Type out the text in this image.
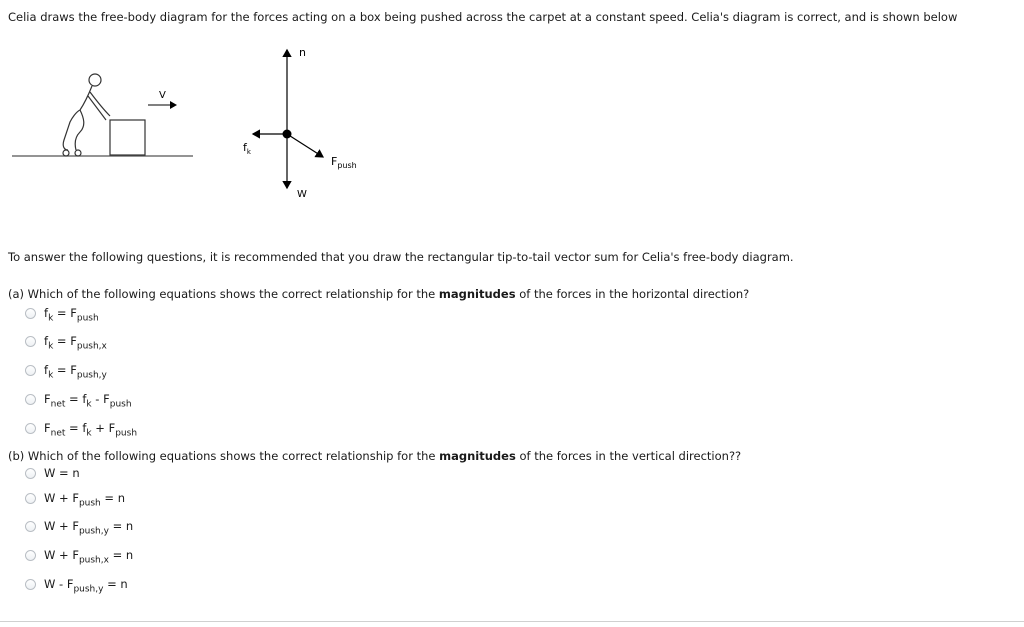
Celia draws the free-body diagram for the forces acting on a box being pushed across the carpet at a constant speed. Celia's diagram is correct, and is shown below
V
n
W
$f_k$
$F_{push}$
To answer the following questions, it is recommended that you draw the rectangular tip-to-tail vector sum for Celia's free-body diagram.
(a) Which of the following equations shows the correct relationship for the magnitudes of the forces in the horizontal direction?
$f_k = F_{push}$
$f_k = F_{push,x}$
$f_k = F_{push,y}$
$F_{net} = f_k - F_{push}$
$F_{net} = f_k + F_{push}$
(b) Which of the following equations shows the correct relationship for the magnitudes of the forces in the vertical direction??
W = n
$W + F_{push} = n$
$W + F_{push,y} = n$
$W + F_{push,x} = n$
$W - F_{push,y} = n$
